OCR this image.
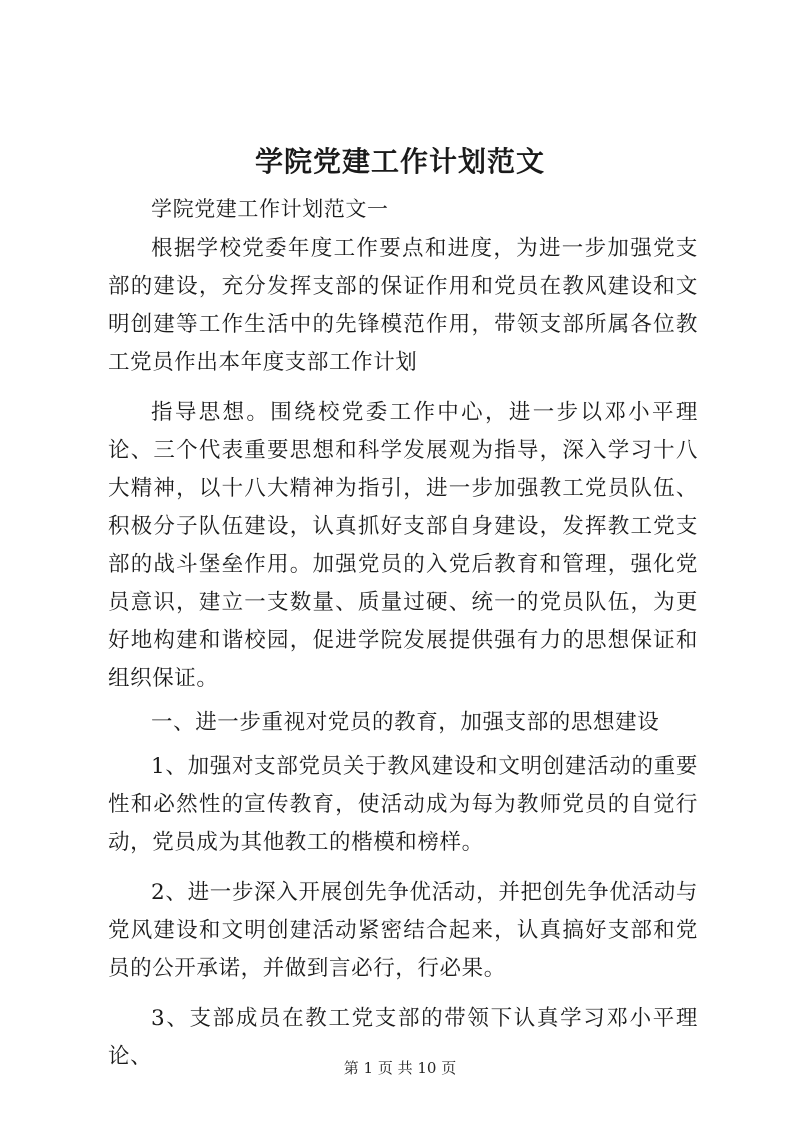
学院党建工作计划范文

学院党建工作计划范文一

根据学校党委年度工作要点和进度，为进一步加强党支部的建设，充分发挥支部的保证作用和党员在教风建设和文明创建等工作生活中的先锋模范作用，带领支部所属各位教工党员作出本年度支部工作计划

指导思想。围绕校党委工作中心，进一步以邓小平理论、三个代表重要思想和科学发展观为指导，深入学习十八大精神，以十八大精神为指引，进一步加强教工党员队伍、积极分子队伍建设，认真抓好支部自身建设，发挥教工党支部的战斗堡垒作用。加强党员的入党后教育和管理，强化党员意识，建立一支数量、质量过硬、统一的党员队伍，为更好地构建和谐校园，促进学院发展提供强有力的思想保证和组织保证。

一、进一步重视对党员的教育，加强支部的思想建设

1、加强对支部党员关于教风建设和文明创建活动的重要性和必然性的宣传教育，使活动成为每为教师党员的自觉行动，党员成为其他教工的楷模和榜样。

2、进一步深入开展创先争优活动，并把创先争优活动与党风建设和文明创建活动紧密结合起来，认真搞好支部和党员的公开承诺，并做到言必行，行必果。

3、支部成员在教工党支部的带领下认真学习邓小平理论、	第 1 页 共 10 页
